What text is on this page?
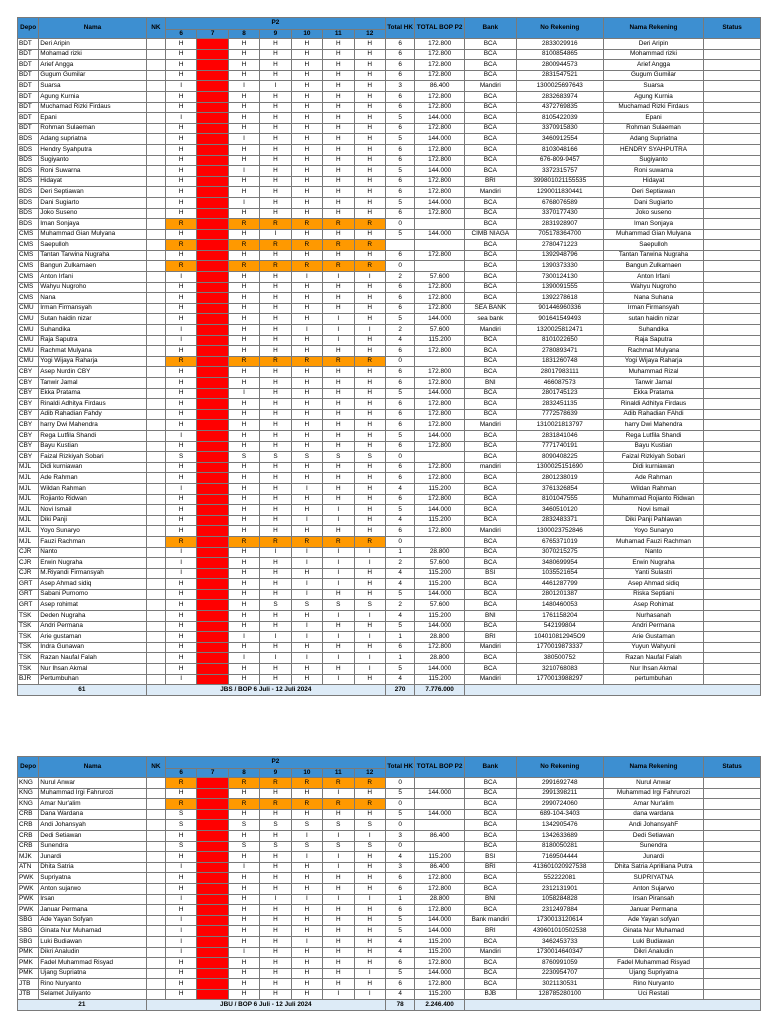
Depo	Nama	NK	P2							Total HK	TOTAL BOP P2	Bank	No Rekening	Nama Rekening	Status
			6	7	8	9	10	11	12						
BDT	Deri Aripin		H		H	H	H	H	H	6	172.800	BCA	2833029916	Deri Aripin	
BDT	Mohamad rizki		H		H	H	H	H	H	6	172.800	BCA	8100854865	Mohammad rizki	
BDT	Arief Angga		H		H	H	H	H	H	6	172.800	BCA	2800944573	Arief Angga	
BDT	Gugum Gumilar		H		H	H	H	H	H	6	172.800	BCA	2831547521	Gugum Gumilar	
BDT	Suarsa		I		I	I	H	H	H	3	86.400	Mandiri	1300025697643	Suarsa	
BDT	Agung Kurnia		H		H	H	H	H	H	6	172.800	BCA	2832683974	Agung Kurnia	
BDT	Muchamad Rizki Firdaus		H		H	H	H	H	H	6	172.800	BCA	4372769835	Muchamad Rizki Firdaus	
BDT	Epani		I		H	H	H	H	H	5	144.000	BCA	8105422039	Epani	
BDT	Rohman Sulaeman		H		H	H	H	H	H	6	172.800	BCA	3370915830	Rohman Sulaeman	
BDS	Adang supriatna		H		I	H	H	H	H	5	144.000	BCA	3460912554	Adang Supriatna	
BDS	Hendry Syahputra		H		H	H	H	H	H	6	172.800	BCA	8103048166	HENDRY SYAHPUTRA	
BDS	Sugiyanto		H		H	H	H	H	H	6	172.800	BCA	676-809-9457	Sugiyanto	
BDS	Roni Suwarna		H		I	H	H	H	H	5	144.000	BCA	3372315757	Roni suwarna	
BDS	Hidayat		H		H	H	H	H	H	6	172.800	BRI	399801021155535	Hidayat	
BDS	Deri Septiawan		H		H	H	H	H	H	6	172.800	Mandiri	1290011830441	Deri Septiawan	
BDS	Dani Sugiarto		H		I	H	H	H	H	5	144.000	BCA	6768076589	Dani Sugiarto	
BDS	Joko Suseno		H		H	H	H	H	H	6	172.800	BCA	3370177430	Joko suseno	
BDS	Iman Sonjaya		R		R	R	R	R	R	0		BCA	2831928907	Iman Sonjaya	
CMS	Muhammad Gian Mulyana		H		H	I	H	H	H	5	144.000	CIMB NIAGA	705178364700	Muhammad Gian Mulyana	
CMS	Saepulloh		R		R	R	R	R	R			BCA	2780471223	Saepulloh	
CMS	Tantan Tarwina Nugraha		H		H	H	H	H	H	6	172.800	BCA	1392948796	Tantan Tarwina Nugraha	
CMS	Bangun Zulkarnaen		R		R	R	R	R	R	0		BCA	1390373330	Bangun Zulkarnaen	
CMS	Anton Irfani		I		H	H	I	I	I	2	57.600	BCA	7300124130	Anton Irfani	
CMS	Wahyu Nugroho		H		H	H	H	H	H	6	172.800	BCA	1390091555	Wahyu Nugroho	
CMS	Nana		H		H	H	H	H	H	6	172.800	BCA	1392278618	Nana Suhana	
CMU	Irman Firmansyah		H		H	H	H	H	H	6	172.800	SEA BANK	901446960336	Irman Firmansyah	
CMU	Sutan haidin nizar		H		H	H	H	I	H	5	144.000	sea bank	901641549493	sutan haidin nizar	
CMU	Suhandika		I		H	H	I	I	I	2	57.600	Mandiri	1320025812471	Suhandika	
CMU	Raja Saputra		I		H	H	H	I	H	4	115.200	BCA	8101022650	Raja Saputra	
CMU	Rachmat Mulyana		H		H	H	H	H	H	6	172.800	BCA	2780893471	Rachmat Mulyana	
CMU	Yogi Wijaya Raharja		R		R	R	R	R	R	0		BCA	1831260748	Yogi Wijaya Raharja	
CBY	Asep Nurdin CBY		H		H	H	H	H	H	6	172.800	BCA	28017983111	Muhammad Rizal	
CBY	Tanwir Jamal		H		H	H	H	H	H	6	172.800	BNI	466087573	Tanwir Jamal	
CBY	Ekka Pratama		H		I	H	H	H	H	5	144.000	BCA	2801745123	Ekka Pratama	
CBY	Rinaldi Adhitya Firdaus		H		H	H	H	H	H	6	172.800	BCA	2832451135	Rinaldi Adhitya Firdaus	
CBY	Adib Rahadian Fahdy		H		H	H	H	H	H	6	172.800	BCA	7772578639	Adib Rahadian FAhdi	
CBY	harry Dwi Mahendra		H		H	H	H	H	H	6	172.800	Mandiri	1310021813797	harry Dwi Mahendra	
CBY	Rega Lutfila Shandi		I		H	H	H	H	H	5	144.000	BCA	2831841046	Rega Lutfila Shandi	
CBY	Bayu Kustian		H		H	H	H	H	H	6	172.800	BCA	7771740191	Bayu Kustian	
CBY	Faizal Rizkiyah Sobari		S		S	S	S	S	S	0		BCA	8090408225	Faizal Rizkiyah Sobari	
MJL	Didi kurniawan		H		H	H	H	H	H	6	172.800	mandiri	1300025151690	Didi kurniawan	
MJL	Ade Rahman		H		H	H	H	H	H	6	172.800	BCA	2801238019	Ade Rahman	
MJL	Wildan Rahman		I		H	H	I	H	H	4	115.200	BCA	3761326854	Wildan Rahman	
MJL	Rojianto Ridwan		H		H	H	H	H	H	6	172.800	BCA	8101047555	Muhammad Rojianto Ridwan	
MJL	Novi Ismail		H		H	H	H	I	H	5	144.000	BCA	3460510120	Novi Ismail	
MJL	Diki Panji		H		H	H	I	I	H	4	115.200	BCA	2832483371	Diki Panji Pahlawan	
MJL	Yoyo Sunaryo		H		H	H	H	H	H	6	172.800	Mandiri	1300023752846	Yoyo Sunaryo	
MJL	Fauzi Rachman		R		R	R	R	R	R	0		BCA	6765371019	Muhamad Fauzi Rachman	
CJR	Nanto		I		H	I	I	I	I	1	28.800	BCA	3070215275	Nanto	
CJR	Erwin Nugraha		I		H	H	I	I	I	2	57.600	BCA	3480699954	Erwin Nugraha	
CJR	M.Riyandi Firmansyah		I		H	H	H	I	H	4	115.200	BSI	1035521654	Yanti Sulastri	
GRT	Asep Ahmad sidiq		H		H	H	I	I	H	4	115.200	BCA	4461287799	Asep Ahmad sidiq	
GRT	Sabani Purnomo		H		H	H	I	H	H	5	144.000	BCA	2801201387	Riska Septiani	
GRT	Asep rohimat		H		H	S	S	S	S	2	57.600	BCA	1480460053	Asep Rohimat	
TSK	Deden Nugraha		H		H	H	H	I	I	4	115.200	BNI	1761158204	Nurhasanah	
TSK	Andri Permana		H		H	H	I	H	H	5	144.000	BCA	542199804	Andri Permana	
TSK	Arie gustaman		H		I	I	I	I	I	1	28.800	BRI	104010812945O9	Arie Gustaman	
TSK	Indra Gunawan		H		H	H	H	H	H	6	172.800	Mandiri	1770019873337	Yuyun Wahyuni	
TSK	Razan Naufal Falah		H		I	I	I	I	I	1	28.800	BCA	380500752	Razan Naufal Falah	
TSK	Nur Ihsan Akmal		H		H	H	H	H	I	5	144.000	BCA	3210768083	Nur Ihsan Akmal	
BJR	Pertumbuhan		I		H	H	H	I	H	4	115.200	Mandiri	1770013988297	pertumbuhan	
61		JBS / BOP 6 Juli - 12 Juli 2024								270	7.776.000				
Depo	Nama	NK	P2							Total HK	TOTAL BOP P2	Bank	No Rekening	Nama Rekening	Status
			6	7	8	9	10	11	12						
KNG	Nurul Anwar		R		R	R	R	R	R	0		BCA	2991692748	Nurul Anwar	
KNG	Muhammad Irgi Fahrurozi		H		H	H	H	I	H	5	144.000	BCA	2991398211	Muhammad Irgi Fahrurozi	
KNG	Amar Nur'alim		R		R	R	R	R	R	0		BCA	2990724060	Amar Nur'alim	
CRB	Dana Wardana		S		H	H	H	H	H	5	144.000	BCA	689-104-3403	dana wardana	
CRB	Andi Johansyah		S		S	S	S	S	S	0		BCA	1342905476	Andi JohansyahF	
CRB	Dedi Setiawan		H		H	H	I	I	I	3	86.400	BCA	1342633689	Dedi Setiawan	
CRB	Sunendra		S		S	S	S	S	S	0		BCA	8180050281	Sunendra	
MJK	Junardi		H		H	H	I	I	H	4	115.200	BSI	7169504444	Junardi	
ATN	Dhita Satria		I		I	H	H	I	H	3	86.400	BRI	413601020927538	Dhita Satria Aprilliana Putra	
PWK	Supriyatna		H		H	H	H	H	H	6	172.800	BCA	552222081	SUPRIYATNA	
PWK	Anton sujarwo		H		H	H	H	H	H	6	172.800	BCA	2312131901	Anton Sujarwo	
PWK	Irsan		I		H	I	I	I	I	1	28.800	BNI	1058284828	Irsan Piransah	
PWK	Januar Permana		H		H	H	H	H	H	6	172.800	BCA	2312497884	Januar Permana	
SBG	Ade Yayan Sofyan		I		H	H	H	H	H	5	144.000	Bank mandiri	1730013120614	Ade Yayan sofyan	
SBG	Ginata Nur Muhamad		I		H	H	H	H	H	5	144.000	BRI	439601010502538	Ginata Nur Muhamad	
SBG	Luki Budiawan		I		H	H	I	H	H	4	115.200	BCA	3462453733	Luki Budiawan	
PMK	Dikri Analudin		I		I	H	H	H	H	4	115.200	Mandiri	1730014640347	Dikri Analudin	
PMK	Fadel Muhammad Risyad		H		H	H	H	H	H	6	172.800	BCA	8760991059	Fadel Muhammad Risyad	
PMK	Ujang Supriatna		H		H	H	H	H	I	5	144.000	BCA	2230954707	Ujang Supriyatna	
JTB	Rino Nuryanto		H		H	H	H	H	H	6	172.800	BCA	3021130531	Rino Nuryanto	
JTB	Selamet Juliyanto		H		H	H	H	I	I	4	115.200	BJB	128785280100	Uci Restati	
21		JBU / BOP 6 Juli - 12 Juli 2024								78	2.246.400				
